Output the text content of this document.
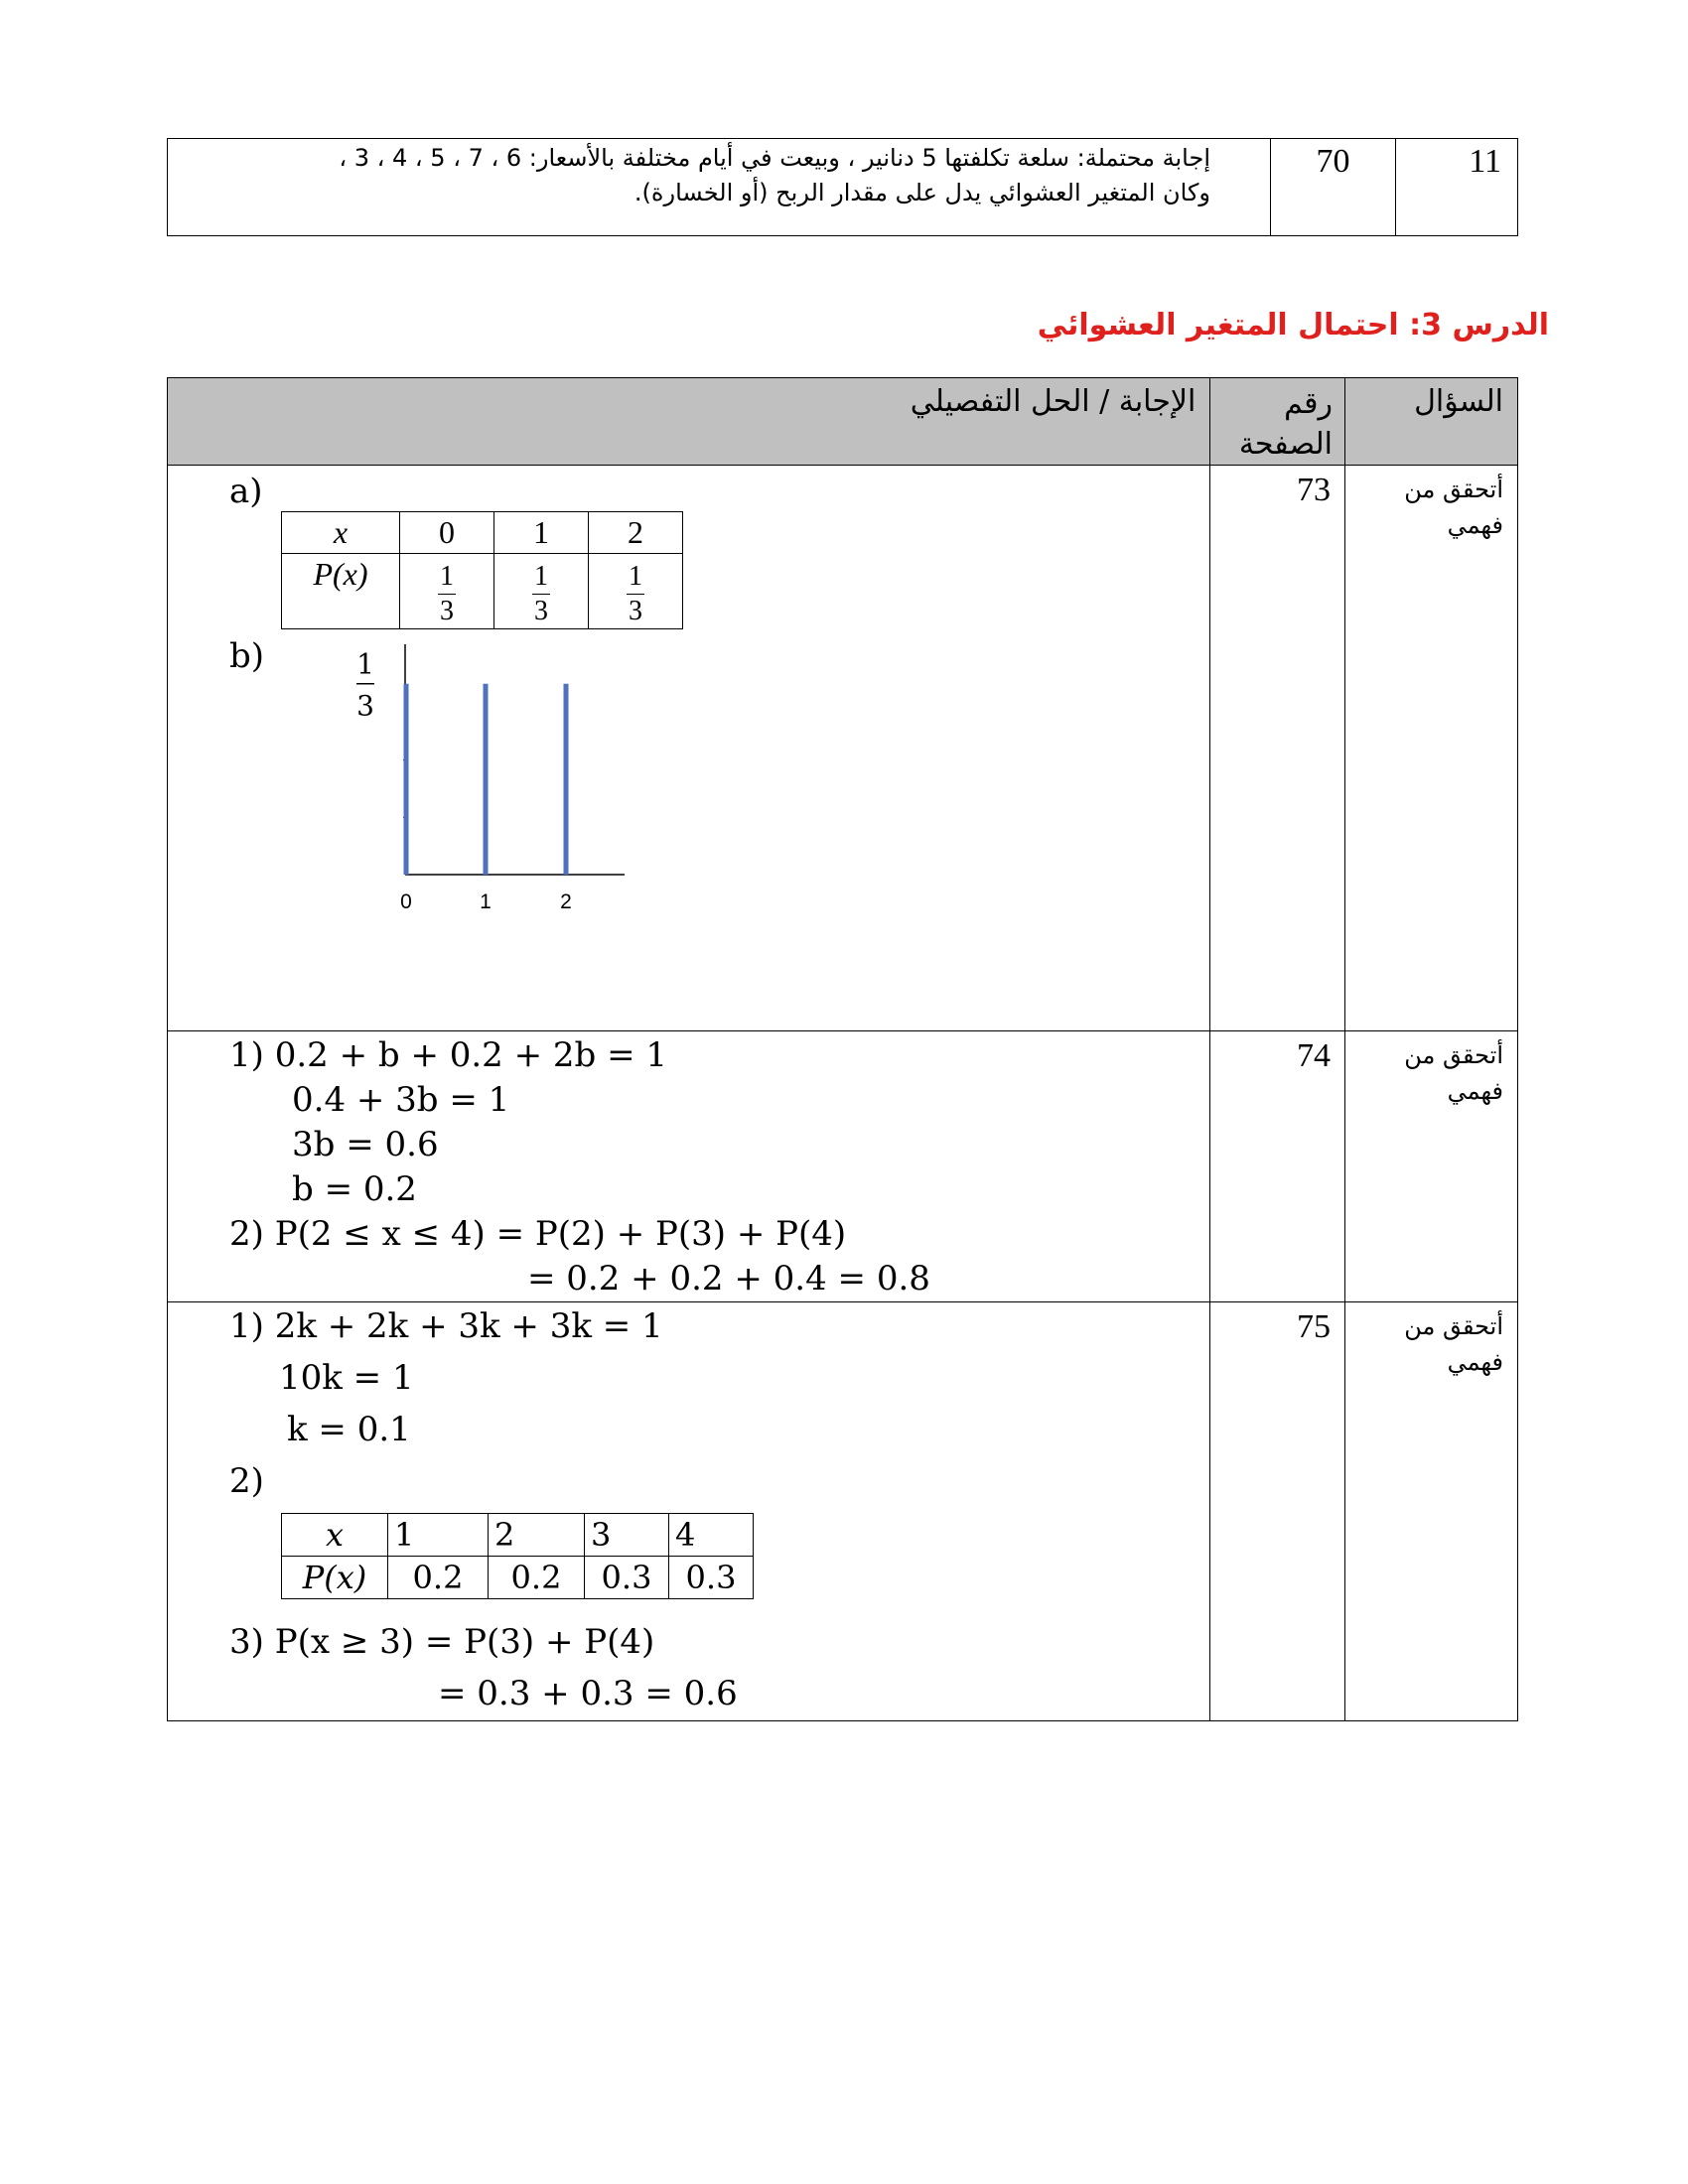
إجابة محتملة: سلعة تكلفتها 5 دنانير ، وبيعت في أيام مختلفة بالأسعار: 6 ، 7 ، 5 ، 4 ، 3 ،
وكان المتغير العشوائي يدل على مقدار الربح (أو الخسارة).
	70	11
الدرس 3: احتمال المتغير العشوائي
الإجابة / الحل التفصيلي	رقم الصفحة	السؤال

a)
x	0	1	2
P(x)	$\frac{1}{3}$	$\frac{1}{3}$	$\frac{1}{3}$
b)
0	1	2
1
3
	73	أتحقق من فهمي

1) 0.2 + b + 0.2 + 2b = 1
0.4 + 3b = 1
3b = 0.6
b = 0.2
2) P(2 ≤ x ≤ 4) = P(2) + P(3) + P(4)
= 0.2 + 0.2 + 0.4 = 0.8
	74	أتحقق من فهمي

1) 2k + 2k + 3k + 3k = 1
10k = 1
k = 0.1
2)
x	1	2	3	4
P(x)	0.2	0.2	0.3	0.3
3) P(x ≥ 3) = P(3) + P(4)
= 0.3 + 0.3 = 0.6
	75	أتحقق من فهمي
